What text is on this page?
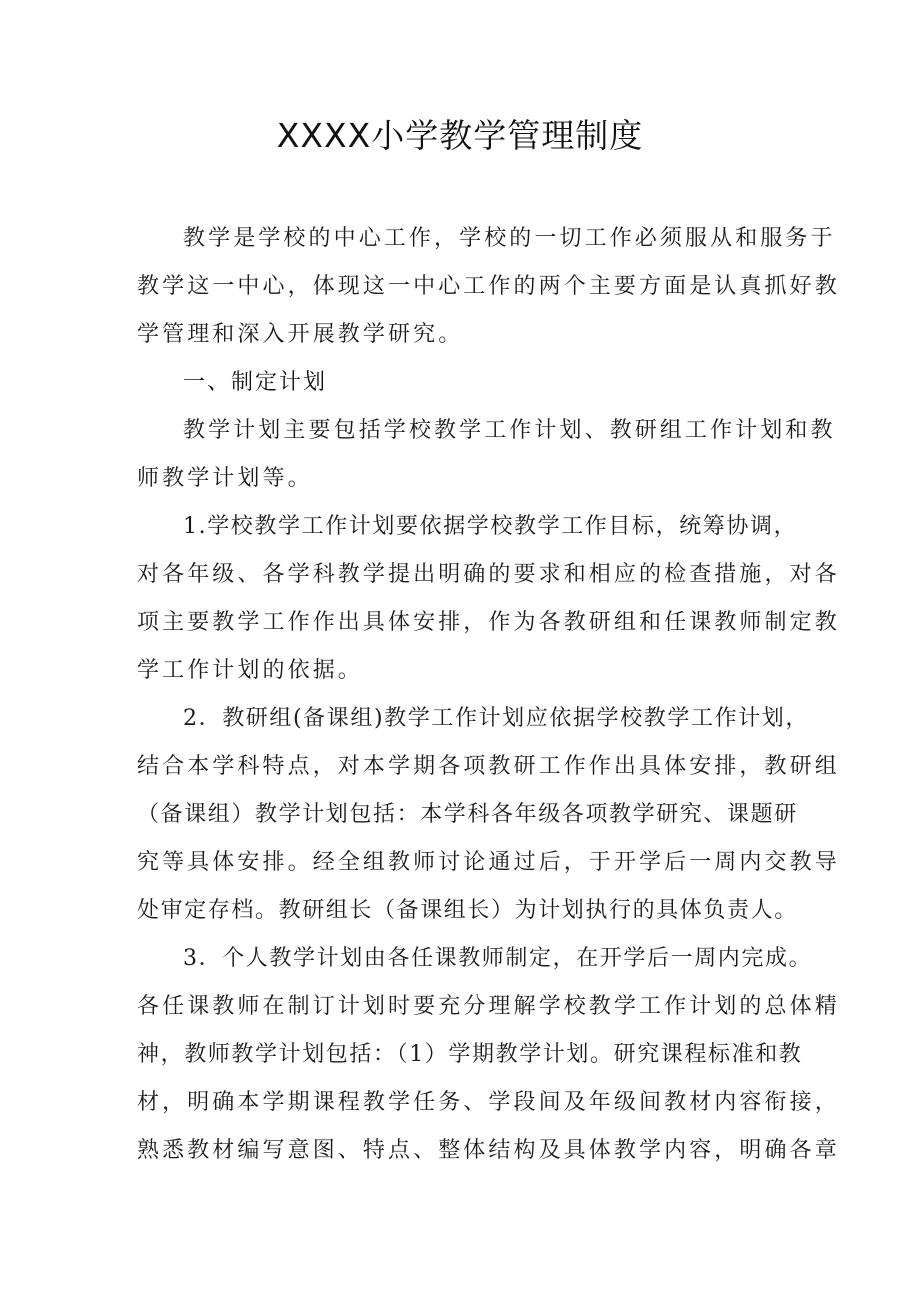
XXXX小学教学管理制度
教学是学校的中心工作，学校的一切工作必须服从和服务于
教学这一中心，体现这一中心工作的两个主要方面是认真抓好教
学管理和深入开展教学研究。
一、制定计划
教学计划主要包括学校教学工作计划、教研组工作计划和教
师教学计划等。
1.学校教学工作计划要依据学校教学工作目标，统筹协调，
对各年级、各学科教学提出明确的要求和相应的检查措施，对各
项主要教学工作作出具体安排，作为各教研组和任课教师制定教
学工作计划的依据。
2．教研组(备课组)教学工作计划应依据学校教学工作计划，
结合本学科特点，对本学期各项教研工作作出具体安排，教研组
（备课组）教学计划包括：本学科各年级各项教学研究、课题研
究等具体安排。经全组教师讨论通过后，于开学后一周内交教导
处审定存档。教研组长（备课组长）为计划执行的具体负责人。
3．个人教学计划由各任课教师制定，在开学后一周内完成。
各任课教师在制订计划时要充分理解学校教学工作计划的总体精
神，教师教学计划包括：（1）学期教学计划。研究课程标准和教
材，明确本学期课程教学任务、学段间及年级间教材内容衔接，
熟悉教材编写意图、特点、整体结构及具体教学内容，明确各章
